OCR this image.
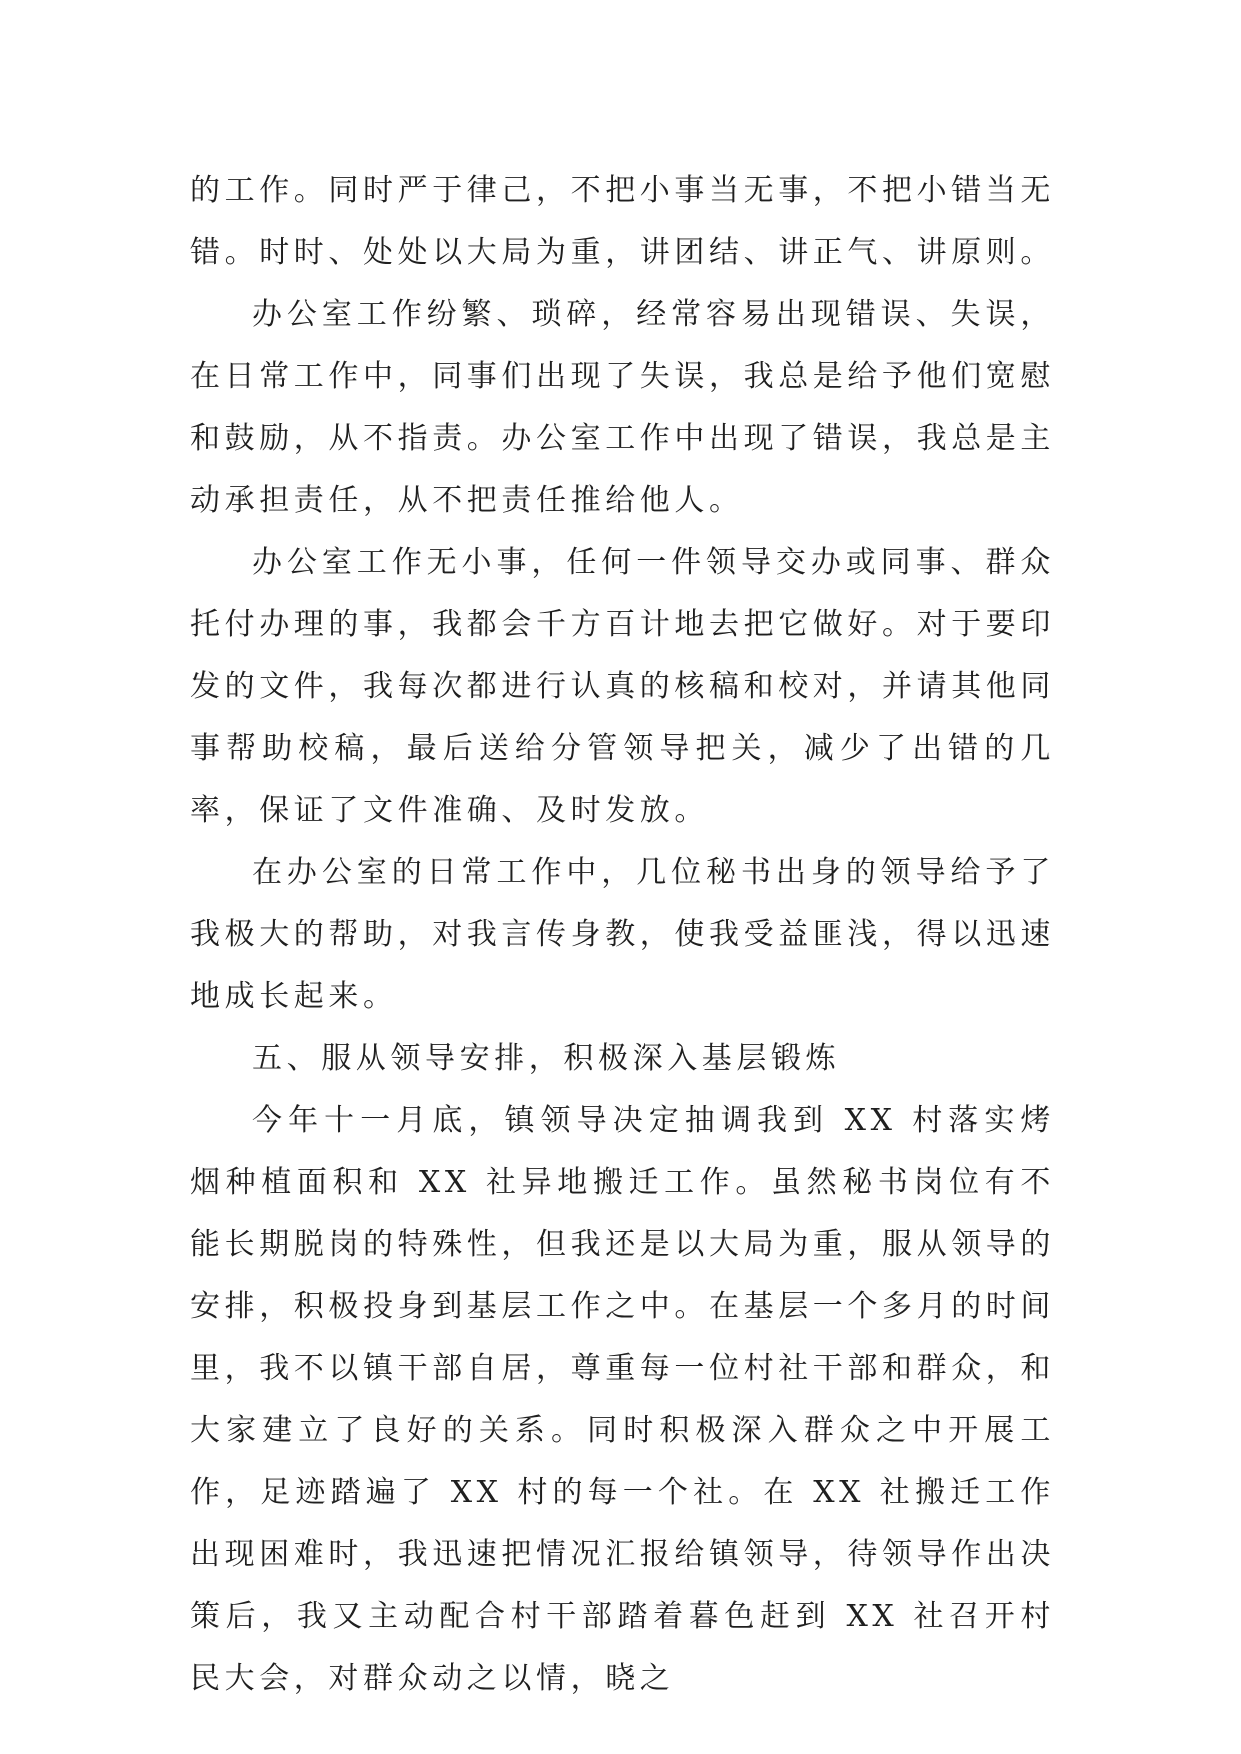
的工作。同时严于律己，不把小事当无事，不把小错当无错。时时、处处以大局为重，讲团结、讲正气、讲原则。

办公室工作纷繁、琐碎，经常容易出现错误、失误，在日常工作中，同事们出现了失误，我总是给予他们宽慰和鼓励，从不指责。办公室工作中出现了错误，我总是主动承担责任，从不把责任推给他人。

办公室工作无小事，任何一件领导交办或同事、群众托付办理的事，我都会千方百计地去把它做好。对于要印发的文件，我每次都进行认真的核稿和校对，并请其他同事帮助校稿，最后送给分管领导把关，减少了出错的几率，保证了文件准确、及时发放。

在办公室的日常工作中，几位秘书出身的领导给予了我极大的帮助，对我言传身教，使我受益匪浅，得以迅速地成长起来。

五、服从领导安排，积极深入基层锻炼

今年十一月底，镇领导决定抽调我到 XX 村落实烤烟种植面积和 XX 社异地搬迁工作。虽然秘书岗位有不能长期脱岗的特殊性，但我还是以大局为重，服从领导的安排，积极投身到基层工作之中。在基层一个多月的时间里，我不以镇干部自居，尊重每一位村社干部和群众，和大家建立了良好的关系。同时积极深入群众之中开展工作，足迹踏遍了 XX 村的每一个社。在 XX 社搬迁工作出现困难时，我迅速把情况汇报给镇领导，待领导作出决策后，我又主动配合村干部踏着暮色赶到 XX 社召开村民大会，对群众动之以情，晓之
